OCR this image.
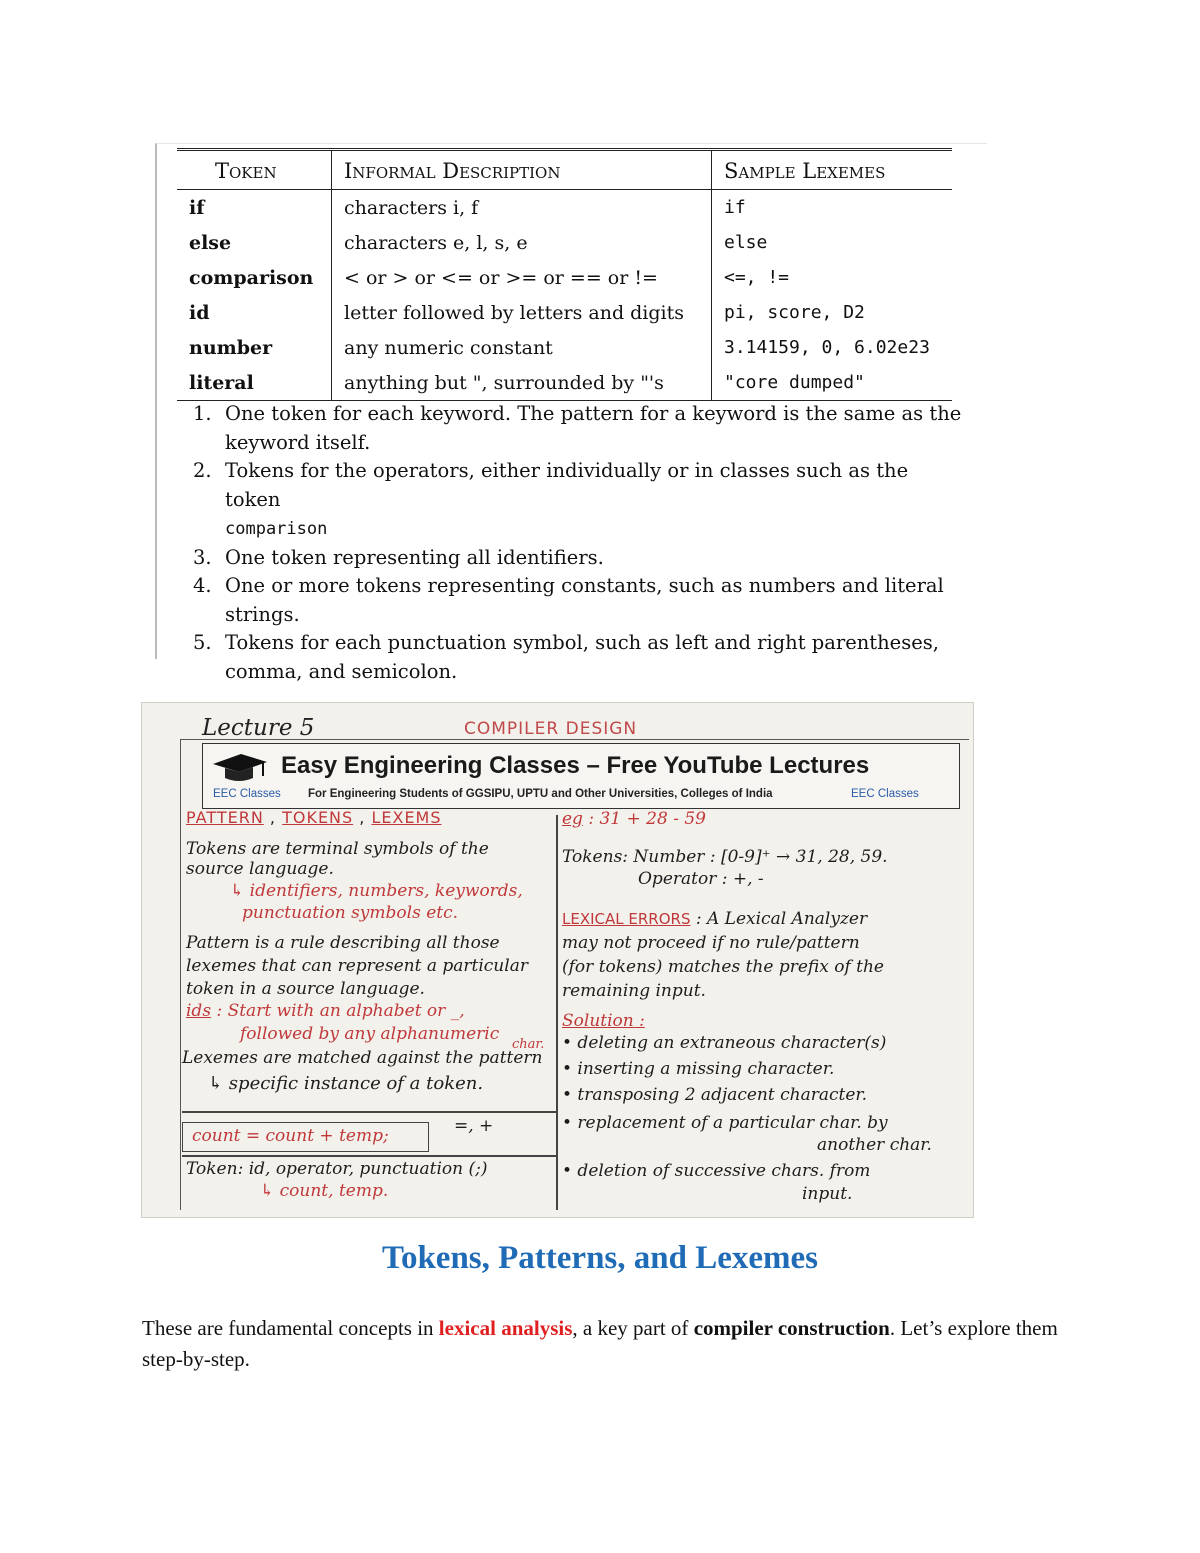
Token	Informal Description	Sample Lexemes
if	characters i, f	if
else	characters e, l, s, e	else
comparison	< or > or <= or >= or == or !=	<=, !=
id	letter followed by letters and digits	pi, score, D2
number	any numeric constant	3.14159, 0, 6.02e23
literal	anything but ", surrounded by "'s	"core dumped"
1. One token for each keyword. The pattern for a keyword is the same as the keyword itself.
2. Tokens for the operators, either individually or in classes such as the token
comparison
3. One token representing all identifiers.
4. One or more tokens representing constants, such as numbers and literal strings.
5. Tokens for each punctuation symbol, such as left and right parentheses, comma, and semicolon.
Lecture 5	COMPILER DESIGN
Easy Engineering Classes – Free YouTube Lectures
EEC Classes For Engineering Students of GGSIPU, UPTU and Other Universities, Colleges of India	EEC Classes
PATTERN , TOKENS , LEXEMS
Tokens are terminal symbols of the
source language.
↳ identifiers, numbers, keywords,
punctuation symbols etc.
Pattern is a rule describing all those
lexemes that can represent a particular
token in a source language.
ids : Start with an alphabet or _,
followed by any alphanumeric
char.
Lexemes are matched against the pattern
↳ specific instance of a token.
count = count + temp;	=, +
Token: id, operator, punctuation (;)
↳ count, temp.
eg : 31 + 28 - 59
Tokens: Number : [0-9]⁺ → 31, 28, 59.
Operator : +, -
LEXICAL ERRORS : A Lexical Analyzer
may not proceed if no rule/pattern
(for tokens) matches the prefix of the
remaining input.
Solution :
• deleting an extraneous character(s)
• inserting a missing character.
• transposing 2 adjacent character.
• replacement of a particular char. by
another char.
• deletion of successive chars. from
input.
Tokens, Patterns, and Lexemes

These are fundamental concepts in lexical analysis, a key part of compiler construction. Let’s explore them step-by-step.
